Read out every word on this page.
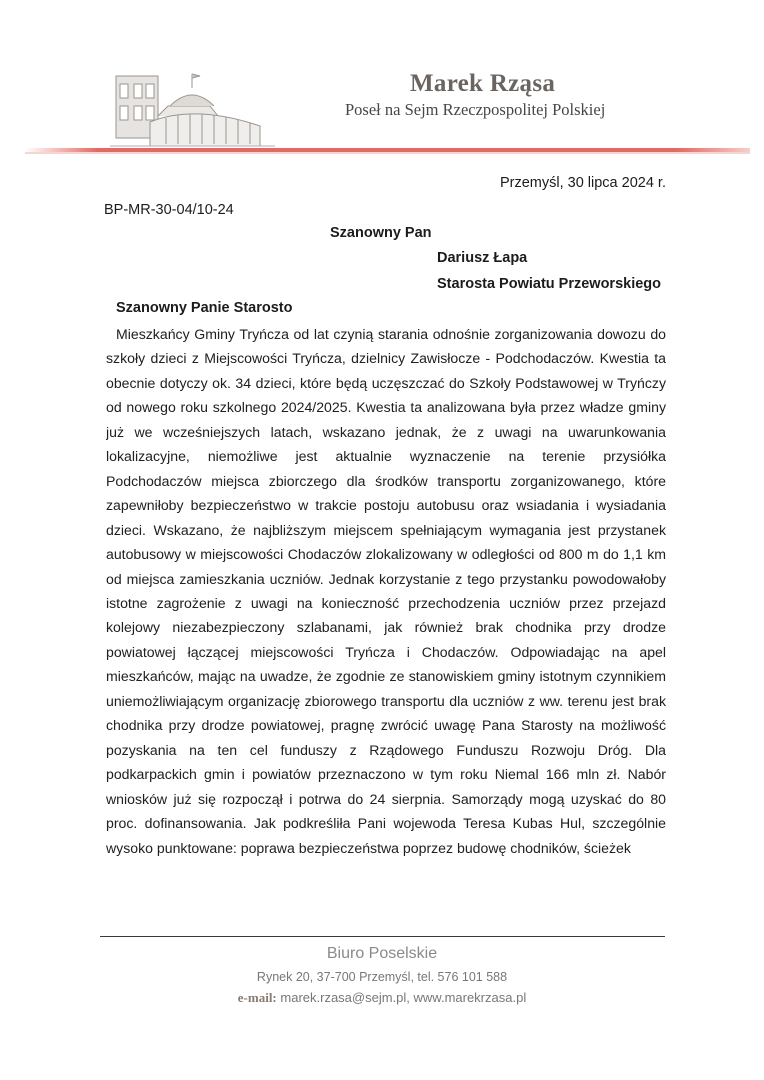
Marek Rząsa
Poseł na Sejm Rzeczpospolitej Polskiej
Przemyśl, 30 lipca 2024 r.
BP-MR-30-04/10-24
Szanowny Pan
Dariusz Łapa
Starosta Powiatu Przeworskiego
Szanowny Panie Starosto

Mieszkańcy Gminy Tryńcza od lat czynią starania odnośnie zorganizowania dowozu do szkoły dzieci z Miejscowości Tryńcza, dzielnicy Zawisłocze - Podchodaczów. Kwestia ta obecnie dotyczy ok. 34 dzieci, które będą uczęszczać do Szkoły Podstawowej w Tryńczy od nowego roku szkolnego 2024/2025. Kwestia ta analizowana była przez władze gminy już we wcześniejszych latach, wskazano jednak, że z uwagi na uwarunkowania lokalizacyjne, niemożliwe jest aktualnie wyznaczenie na terenie przysiółka Podchodaczów miejsca zbiorczego dla środków transportu zorganizowanego, które zapewniłoby bezpieczeństwo w trakcie postoju autobusu oraz wsiadania i wysiadania dzieci. Wskazano, że najbliższym miejscem spełniającym wymagania jest przystanek autobusowy w miejscowości Chodaczów zlokalizowany w odległości od 800 m do 1,1 km od miejsca zamieszkania uczniów. Jednak korzystanie z tego przystanku powodowałoby istotne zagrożenie z uwagi na konieczność przechodzenia uczniów przez przejazd kolejowy niezabezpieczony szlabanami, jak również brak chodnika przy drodze powiatowej łączącej miejscowości Tryńcza i Chodaczów. Odpowiadając na apel mieszkańców, mając na uwadze, że zgodnie ze stanowiskiem gminy istotnym czynnikiem uniemożliwiającym organizację zbiorowego transportu dla uczniów z ww. terenu jest brak chodnika przy drodze powiatowej, pragnę zwrócić uwagę Pana Starosty na możliwość pozyskania na ten cel funduszy z Rządowego Funduszu Rozwoju Dróg. Dla podkarpackich gmin i powiatów przeznaczono w tym roku Niemal 166 mln zł. Nabór wniosków już się rozpoczął i potrwa do 24 sierpnia. Samorządy mogą uzyskać do 80 proc. dofinansowania. Jak podkreśliła Pani wojewoda Teresa Kubas Hul, szczególnie wysoko punktowane: poprawa bezpieczeństwa poprzez budowę chodników, ścieżek

Biuro Poselskie
Rynek 20, 37-700 Przemyśl, tel. 576 101 588
e-mail: marek.rzasa@sejm.pl, www.marekrzasa.pl
